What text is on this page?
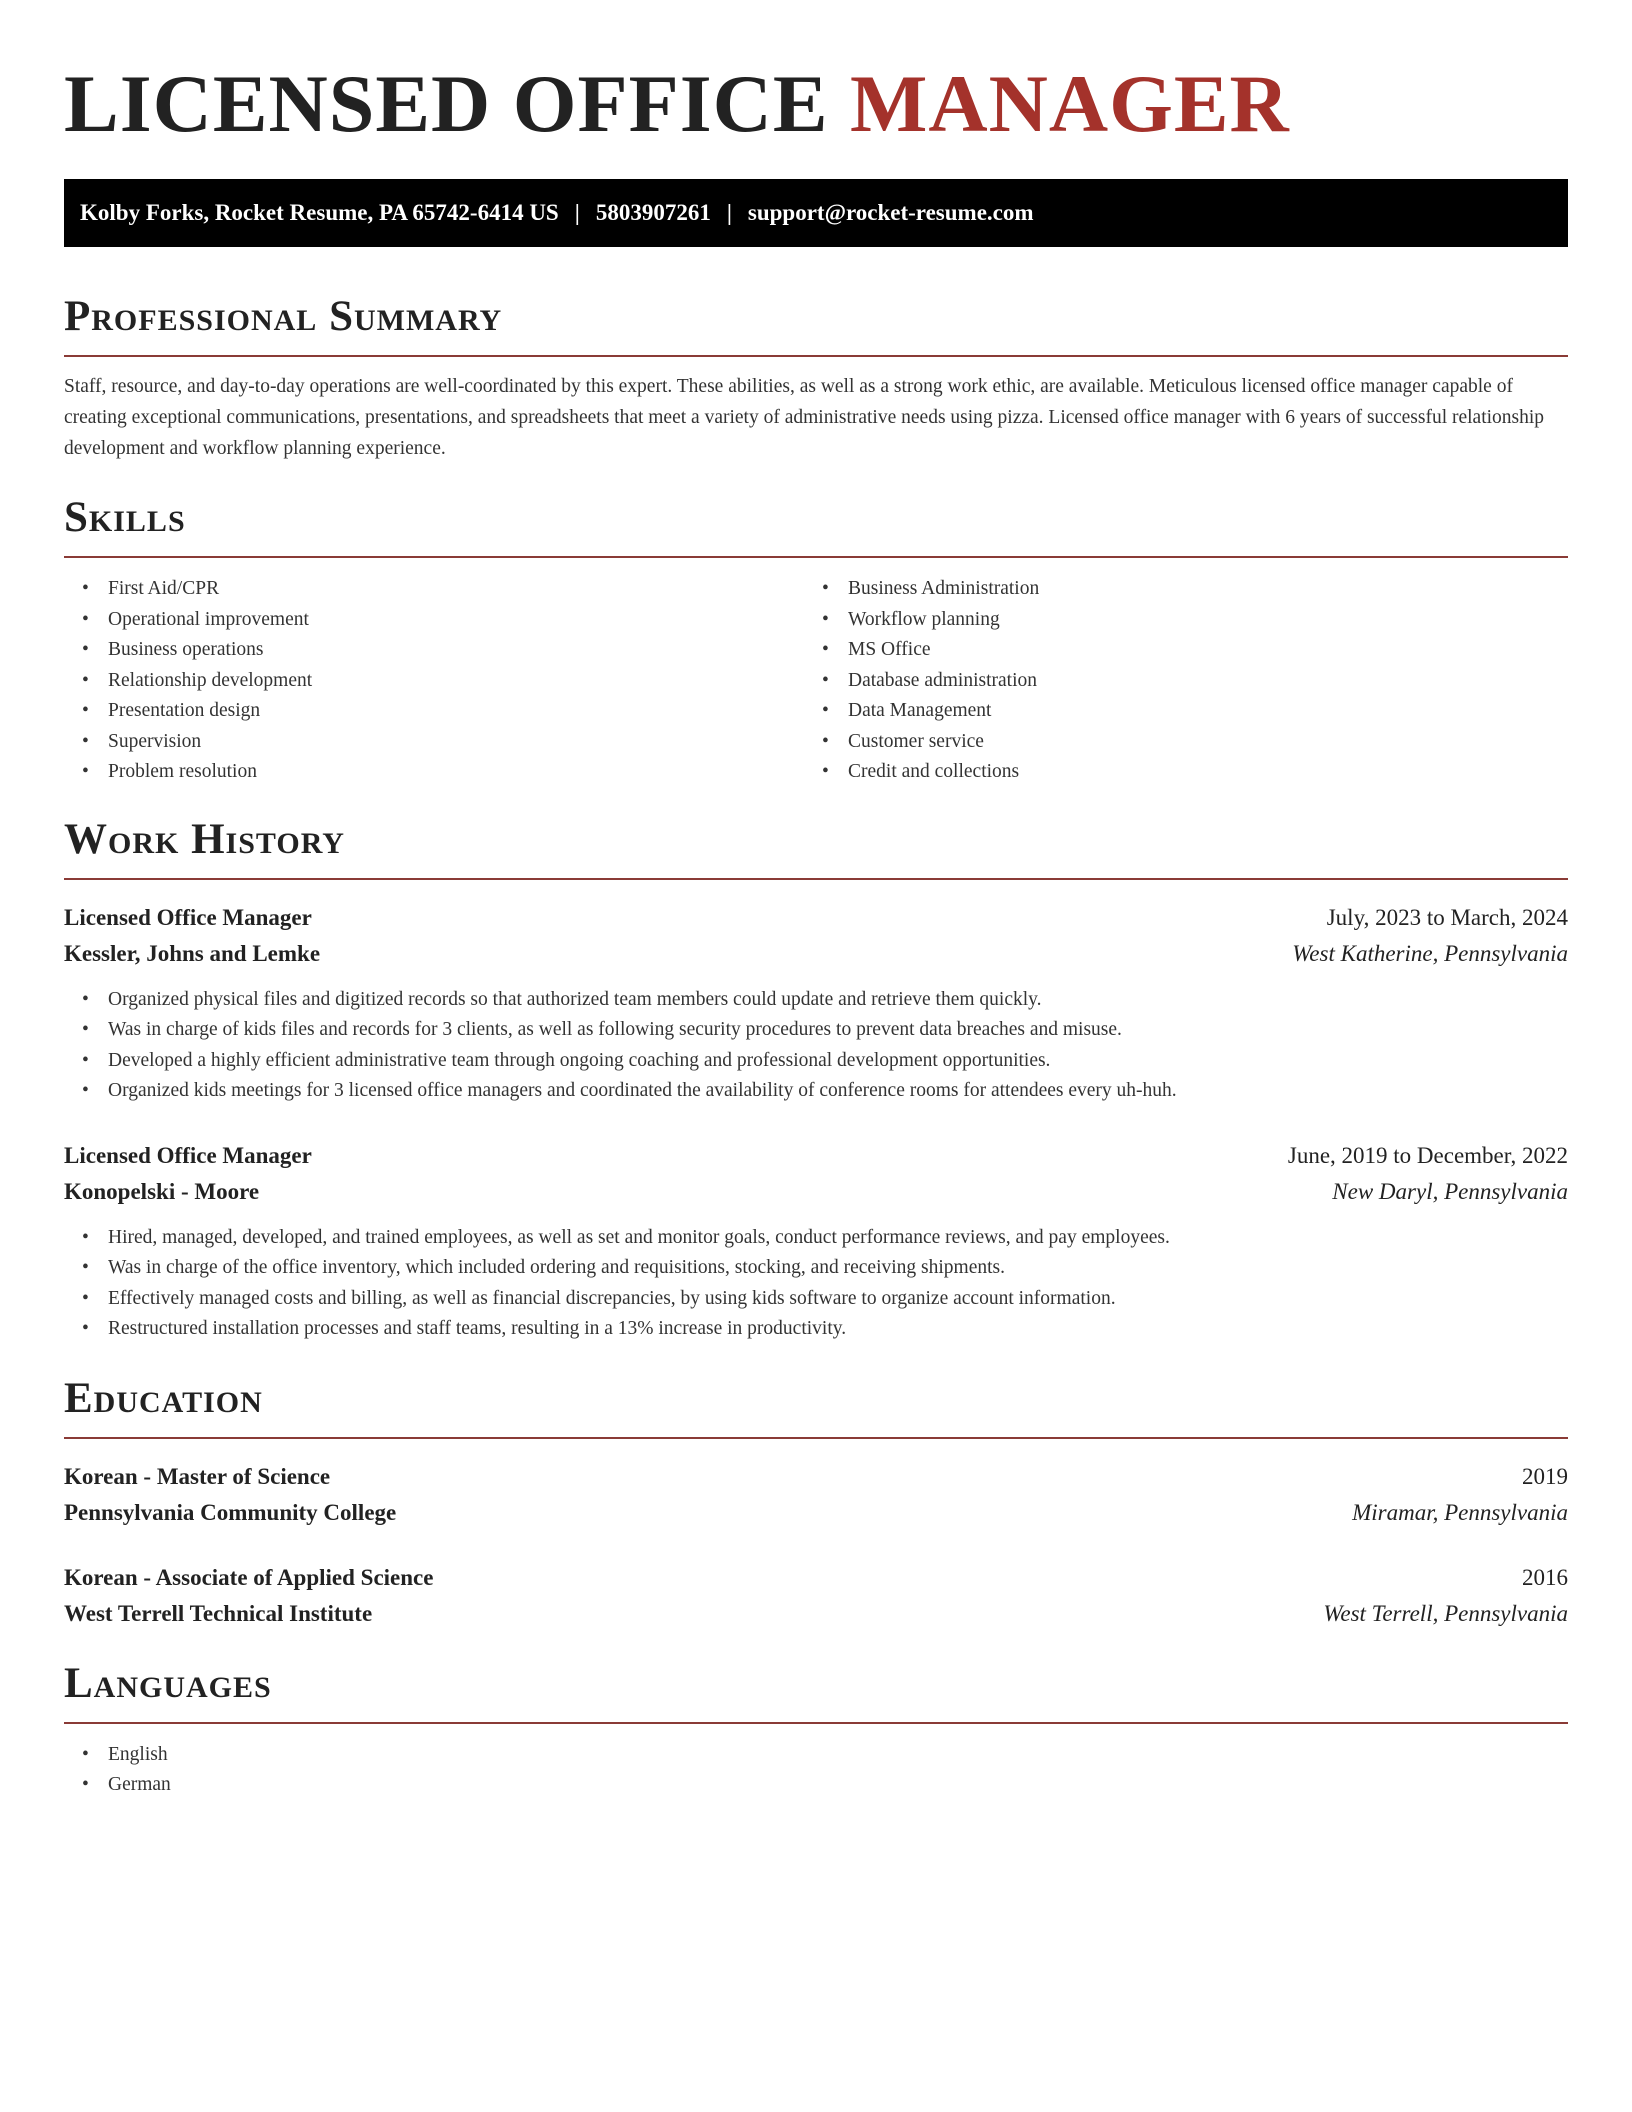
LICENSED OFFICE MANAGER
Kolby Forks, Rocket Resume, PA 65742-6414 US | 5803907261 | support@rocket-resume.com
Professional Summary

Staff, resource, and day-to-day operations are well-coordinated by this expert. These abilities, as well as a strong work ethic, are available. Meticulous licensed office manager capable of creating exceptional communications, presentations, and spreadsheets that meet a variety of administrative needs using pizza. Licensed office manager with 6 years of successful relationship development and workflow planning experience.

Skills
• First Aid/CPR
• Operational improvement
• Business operations
• Relationship development
• Presentation design
• Supervision
• Problem resolution
• Business Administration
• Workflow planning
• MS Office
• Database administration
• Data Management
• Customer service
• Credit and collections
Work History
Licensed Office Manager	July, 2023 to March, 2024
Kessler, Johns and Lemke	West Katherine, Pennsylvania
• Organized physical files and digitized records so that authorized team members could update and retrieve them quickly.
• Was in charge of kids files and records for 3 clients, as well as following security procedures to prevent data breaches and misuse.
• Developed a highly efficient administrative team through ongoing coaching and professional development opportunities.
• Organized kids meetings for 3 licensed office managers and coordinated the availability of conference rooms for attendees every uh-huh.
Licensed Office Manager	June, 2019 to December, 2022
Konopelski - Moore	New Daryl, Pennsylvania
• Hired, managed, developed, and trained employees, as well as set and monitor goals, conduct performance reviews, and pay employees.
• Was in charge of the office inventory, which included ordering and requisitions, stocking, and receiving shipments.
• Effectively managed costs and billing, as well as financial discrepancies, by using kids software to organize account information.
• Restructured installation processes and staff teams, resulting in a 13% increase in productivity.
Education
Korean - Master of Science	2019
Pennsylvania Community College	Miramar, Pennsylvania
Korean - Associate of Applied Science	2016
West Terrell Technical Institute	West Terrell, Pennsylvania
Languages
• English
• German
